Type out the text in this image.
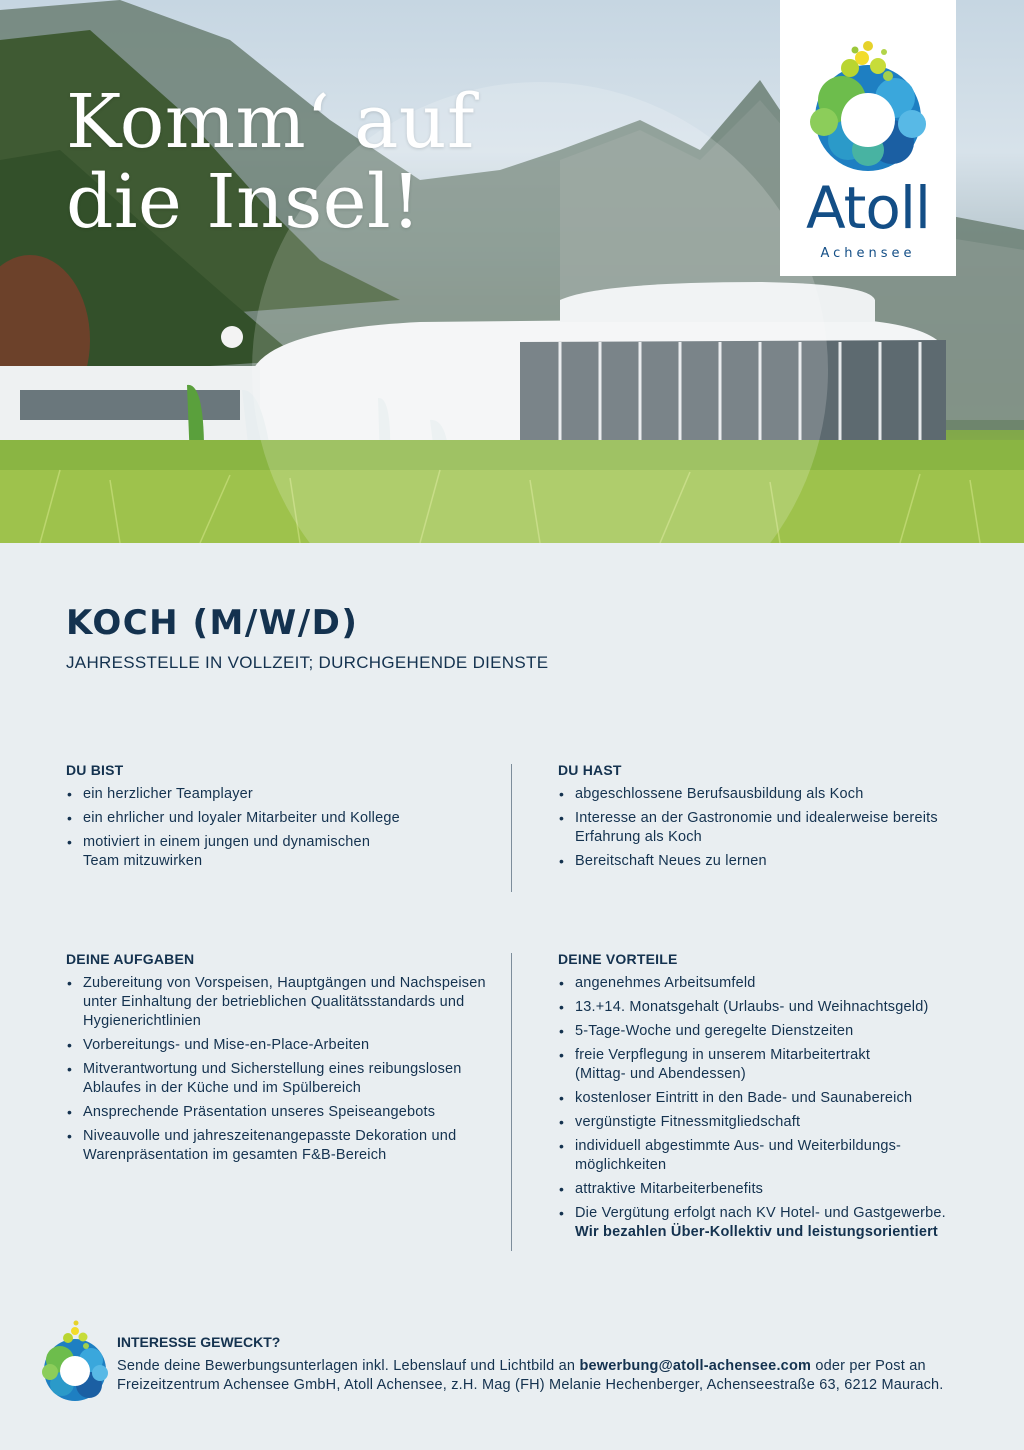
Komm‘ auf
die Insel!	Atoll
Achensee
KOCH (M/W/D)
JAHRESSTELLE IN VOLLZEIT; DURCHGEHENDE DIENSTE
DU BIST
• ein herzlicher Teamplayer
• ein ehrlicher und loyaler Mitarbeiter und Kollege
• motiviert in einem jungen und dynamischen Team mitzuwirken
DU HAST
• abgeschlossene Berufsausbildung als Koch
• Interesse an der Gastronomie und idealerweise bereits Erfahrung als Koch
• Bereitschaft Neues zu lernen
DEINE AUFGABEN
• Zubereitung von Vorspeisen, Hauptgängen und Nachspeisen unter Einhaltung der betrieblichen Qualitätsstandards und Hygienerichtlinien
• Vorbereitungs- und Mise-en-Place-Arbeiten
• Mitverantwortung und Sicherstellung eines reibungslosen Ablaufes in der Küche und im Spülbereich
• Ansprechende Präsentation unseres Speiseangebots
• Niveauvolle und jahreszeitenangepasste Dekoration und Warenpräsentation im gesamten F&B-Bereich
DEINE VORTEILE
• angenehmes Arbeitsumfeld
• 13.+14. Monatsgehalt (Urlaubs- und Weihnachtsgeld)
• 5-Tage-Woche und geregelte Dienstzeiten
• freie Verpflegung in unserem Mitarbeitertrakt (Mittag- und Abendessen)
• kostenloser Eintritt in den Bade- und Saunabereich
• vergünstigte Fitnessmitgliedschaft
• individuell abgestimmte Aus- und Weiterbildungs-möglichkeiten
• attraktive Mitarbeiterbenefits
• Die Vergütung erfolgt nach KV Hotel- und Gastgewerbe.
Wir bezahlen Über-Kollektiv und leistungsorientiert
INTERESSE GEWECKT?

Sende deine Bewerbungsunterlagen inkl. Lebenslauf und Lichtbild an bewerbung@atoll-achensee.com oder per Post an Freizeitzentrum Achensee GmbH, Atoll Achensee, z.H. Mag (FH) Melanie Hechenberger, Achenseestraße 63, 6212 Maurach.
